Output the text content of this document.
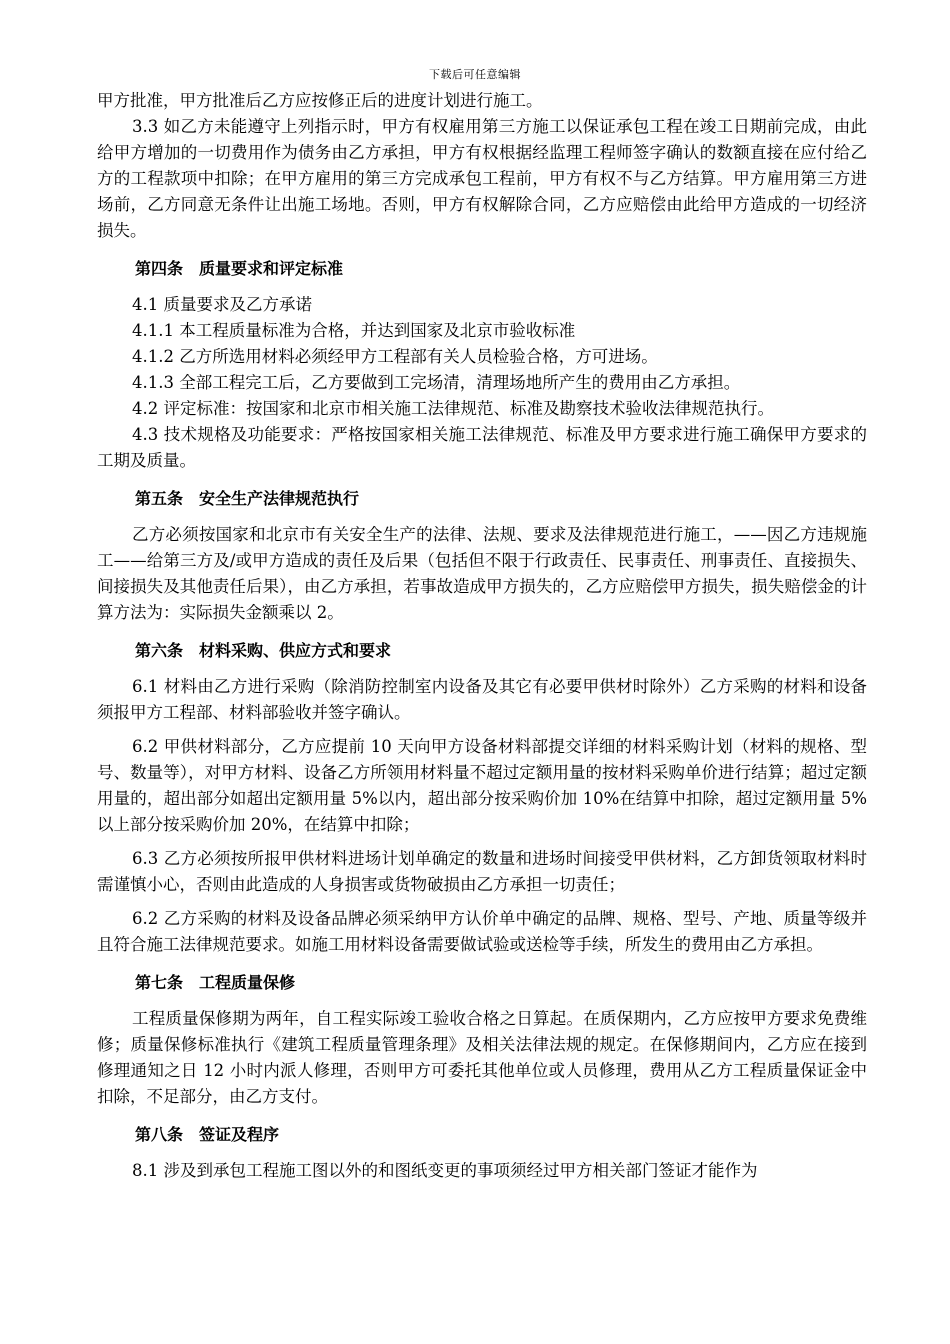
下载后可任意编辑

甲方批准，甲方批准后乙方应按修正后的进度计划进行施工。

3.3 如乙方未能遵守上列指示时，甲方有权雇用第三方施工以保证承包工程在竣工日期前完成，由此给甲方增加的一切费用作为债务由乙方承担，甲方有权根据经监理工程师签字确认的数额直接在应付给乙方的工程款项中扣除；在甲方雇用的第三方完成承包工程前，甲方有权不与乙方结算。甲方雇用第三方进场前，乙方同意无条件让出施工场地。否则，甲方有权解除合同，乙方应赔偿由此给甲方造成的一切经济损失。

第四条　质量要求和评定标准

4.1 质量要求及乙方承诺

4.1.1 本工程质量标准为合格，并达到国家及北京市验收标准

4.1.2 乙方所选用材料必须经甲方工程部有关人员检验合格，方可进场。

4.1.3 全部工程完工后，乙方要做到工完场清，清理场地所产生的费用由乙方承担。

4.2 评定标准：按国家和北京市相关施工法律规范、标准及勘察技术验收法律规范执行。

4.3 技术规格及功能要求：严格按国家相关施工法律规范、标准及甲方要求进行施工确保甲方要求的工期及质量。

第五条　安全生产法律规范执行

乙方必须按国家和北京市有关安全生产的法律、法规、要求及法律规范进行施工，——因乙方违规施工——给第三方及/或甲方造成的责任及后果（包括但不限于行政责任、民事责任、刑事责任、直接损失、间接损失及其他责任后果），由乙方承担，若事故造成甲方损失的，乙方应赔偿甲方损失，损失赔偿金的计算方法为：实际损失金额乘以 2。

第六条　材料采购、供应方式和要求

6.1 材料由乙方进行采购（除消防控制室内设备及其它有必要甲供材时除外）乙方采购的材料和设备须报甲方工程部、材料部验收并签字确认。

6.2 甲供材料部分，乙方应提前 10 天向甲方设备材料部提交详细的材料采购计划（材料的规格、型号、数量等），对甲方材料、设备乙方所领用材料量不超过定额用量的按材料采购单价进行结算；超过定额用量的，超出部分如超出定额用量 5%以内，超出部分按采购价加 10%在结算中扣除，超过定额用量 5%以上部分按采购价加 20%，在结算中扣除；

6.3 乙方必须按所报甲供材料进场计划单确定的数量和进场时间接受甲供材料，乙方卸货领取材料时需谨慎小心，否则由此造成的人身损害或货物破损由乙方承担一切责任；

6.2 乙方采购的材料及设备品牌必须采纳甲方认价单中确定的品牌、规格、型号、产地、质量等级并且符合施工法律规范要求。如施工用材料设备需要做试验或送检等手续，所发生的费用由乙方承担。

第七条　工程质量保修

工程质量保修期为两年，自工程实际竣工验收合格之日算起。在质保期内，乙方应按甲方要求免费维修；质量保修标准执行《建筑工程质量管理条理》及相关法律法规的规定。在保修期间内，乙方应在接到修理通知之日 12 小时内派人修理，否则甲方可委托其他单位或人员修理，费用从乙方工程质量保证金中扣除，不足部分，由乙方支付。

第八条　签证及程序

8.1 涉及到承包工程施工图以外的和图纸变更的事项须经过甲方相关部门签证才能作为
